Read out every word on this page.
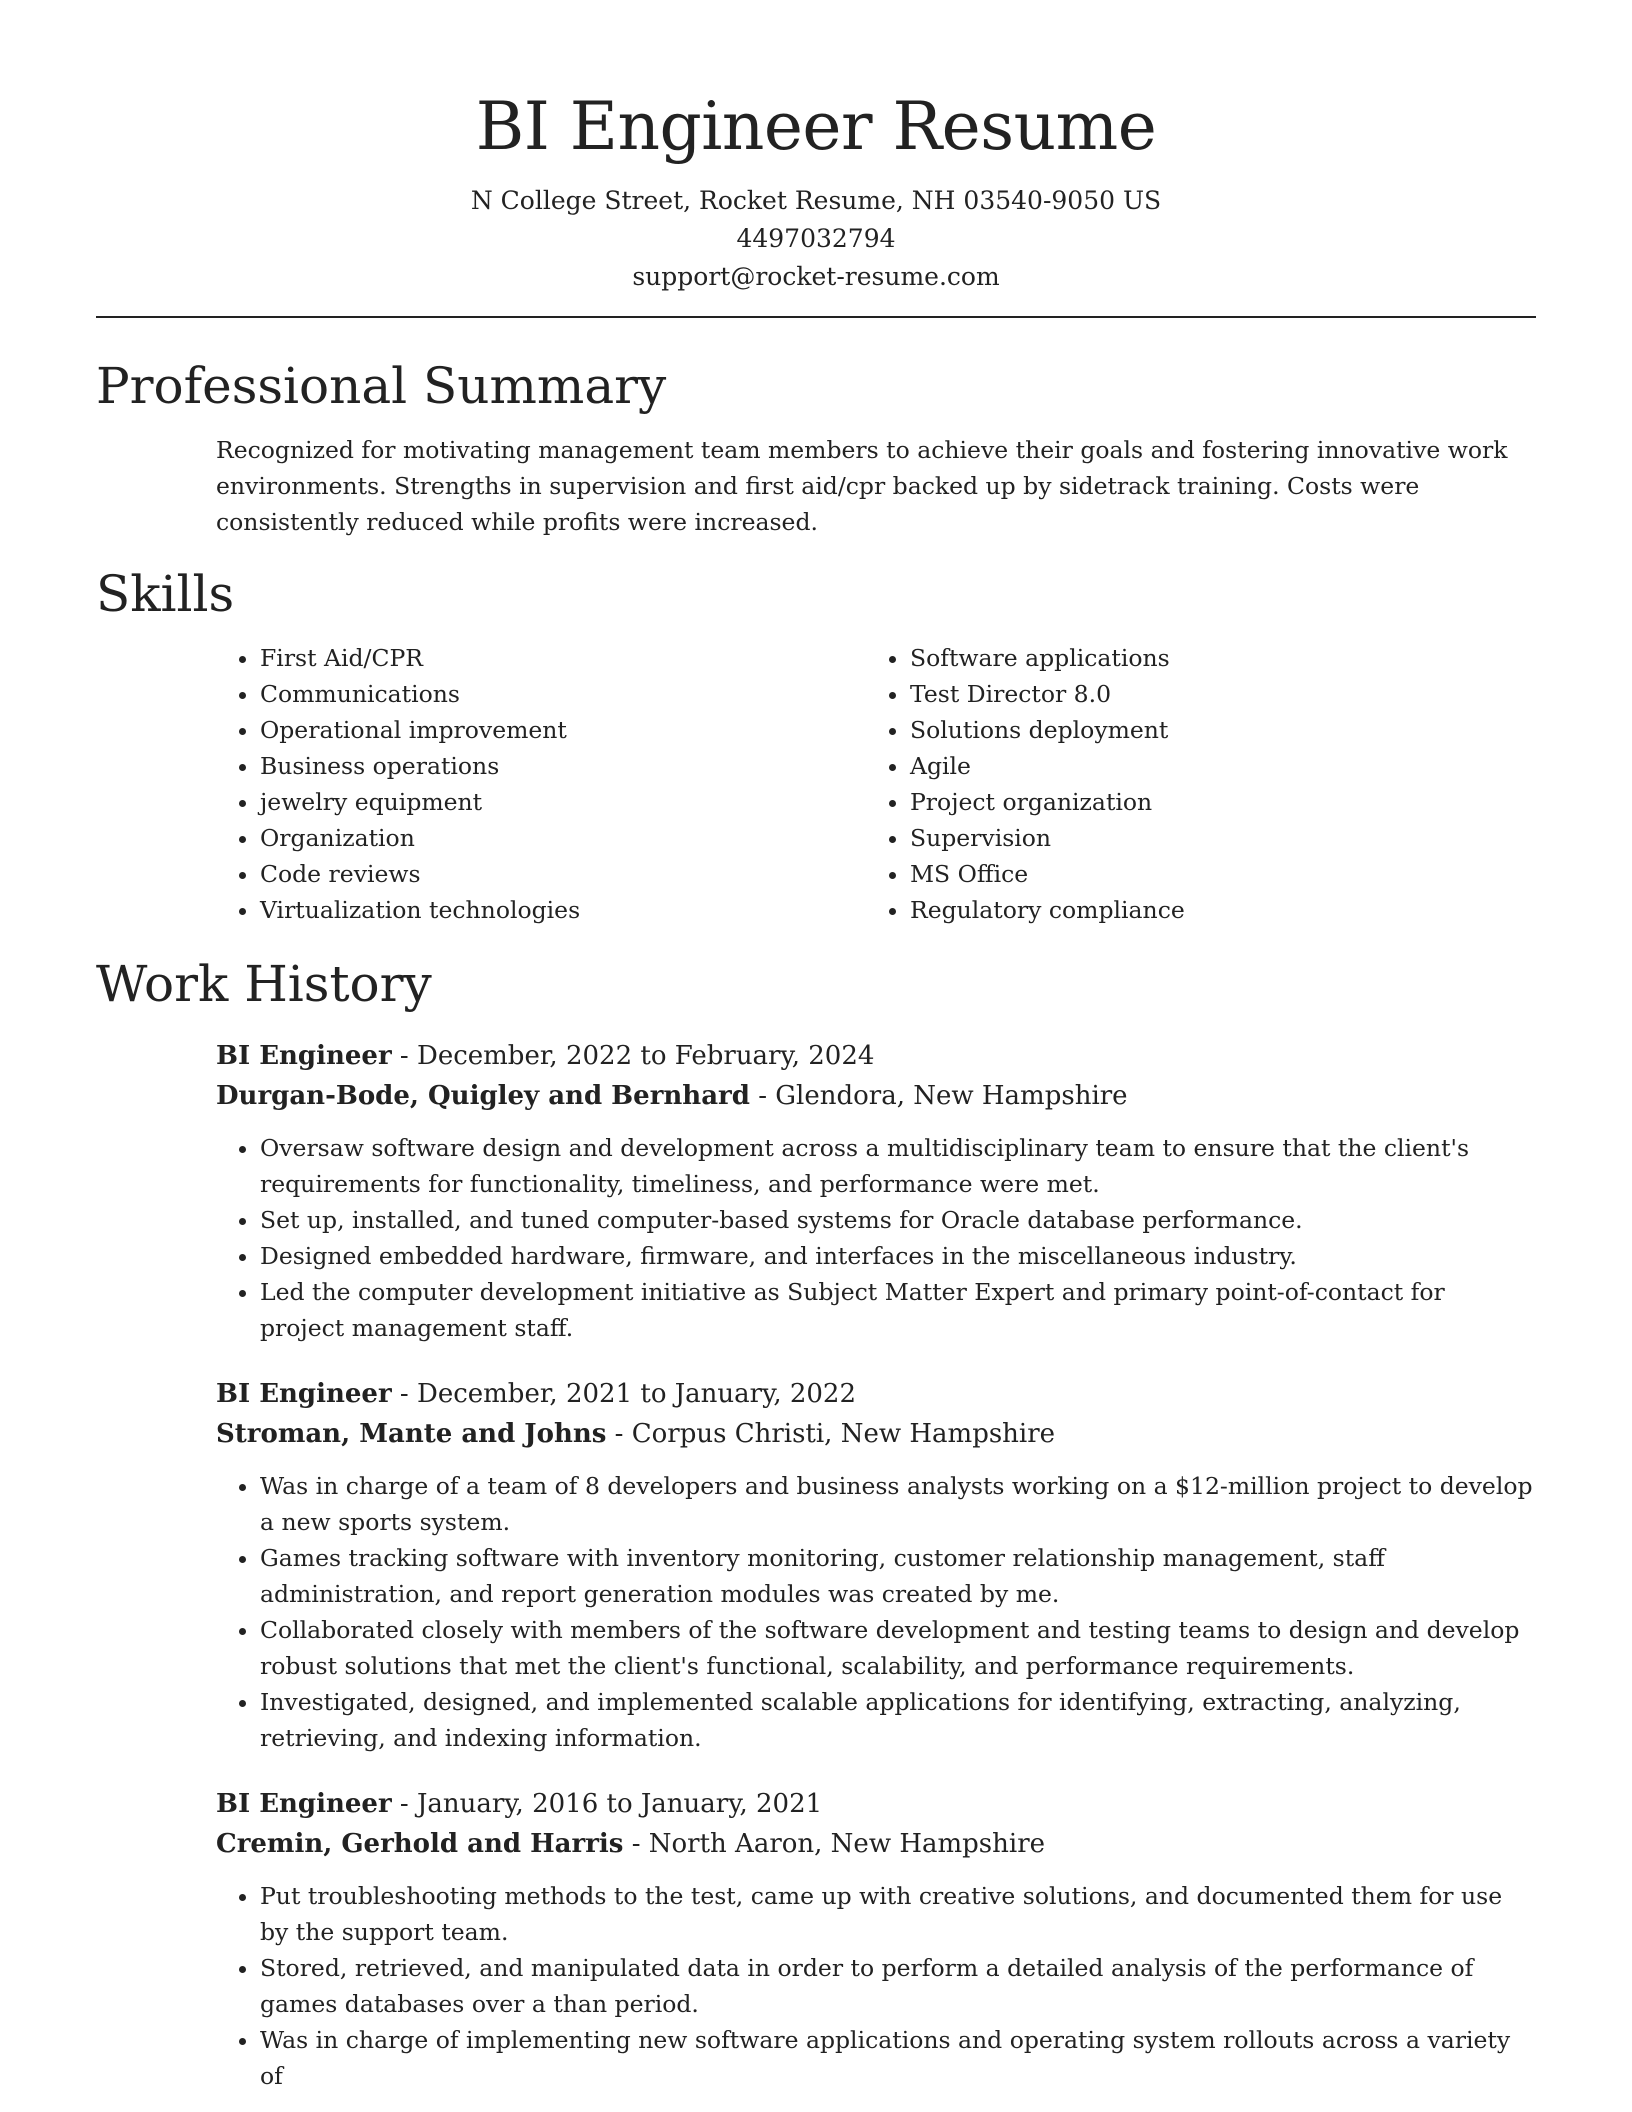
BI Engineer Resume
N College Street, Rocket Resume, NH 03540-9050 US
4497032794
support@rocket-resume.com
Professional Summary

Recognized for motivating management team members to achieve their goals and fostering innovative work environments. Strengths in supervision and first aid/cpr backed up by sidetrack training. Costs were consistently reduced while profits were increased.

Skills
• First Aid/CPR
• Communications
• Operational improvement
• Business operations
• jewelry equipment
• Organization
• Code reviews
• Virtualization technologies
• Software applications
• Test Director 8.0
• Solutions deployment
• Agile
• Project organization
• Supervision
• MS Office
• Regulatory compliance
Work History
BI Engineer - December, 2022 to February, 2024
Durgan-Bode, Quigley and Bernhard - Glendora, New Hampshire
• Oversaw software design and development across a multidisciplinary team to ensure that the client's requirements for functionality, timeliness, and performance were met.
• Set up, installed, and tuned computer-based systems for Oracle database performance.
• Designed embedded hardware, firmware, and interfaces in the miscellaneous industry.
• Led the computer development initiative as Subject Matter Expert and primary point-of-contact for project management staff.
BI Engineer - December, 2021 to January, 2022
Stroman, Mante and Johns - Corpus Christi, New Hampshire
• Was in charge of a team of 8 developers and business analysts working on a $12-million project to develop a new sports system.
• Games tracking software with inventory monitoring, customer relationship management, staff administration, and report generation modules was created by me.
• Collaborated closely with members of the software development and testing teams to design and develop robust solutions that met the client's functional, scalability, and performance requirements.
• Investigated, designed, and implemented scalable applications for identifying, extracting, analyzing, retrieving, and indexing information.
BI Engineer - January, 2016 to January, 2021
Cremin, Gerhold and Harris - North Aaron, New Hampshire
• Put troubleshooting methods to the test, came up with creative solutions, and documented them for use by the support team.
• Stored, retrieved, and manipulated data in order to perform a detailed analysis of the performance of games databases over a than period.
• Was in charge of implementing new software applications and operating system rollouts across a variety of
